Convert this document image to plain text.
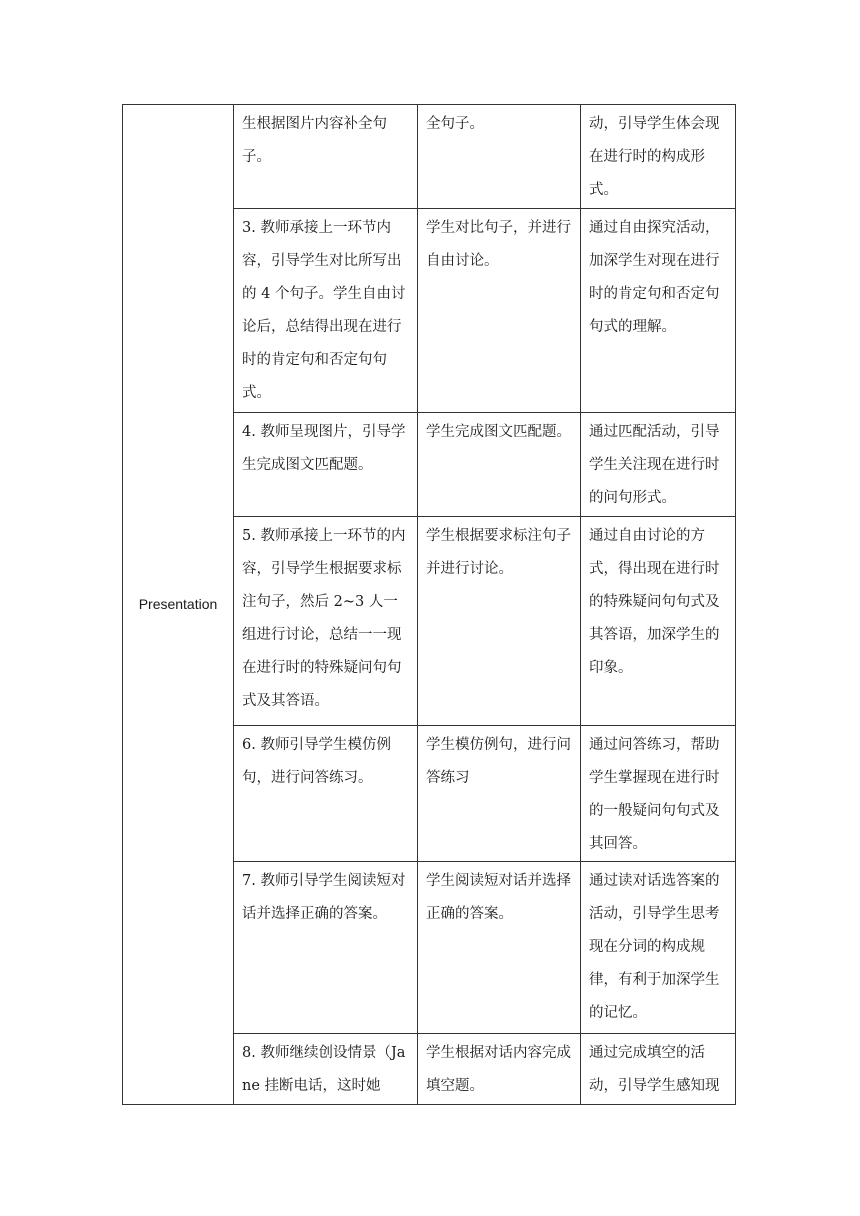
Presentation	生根据图片内容补全句子。	全句子。	动，引导学生体会现在进行时的构成形式。
	3. 教师承接上一环节内容，引导学生对比所写出的 4 个句子。学生自由讨论后，总结得出现在进行时的肯定句和否定句句式。	学生对比句子，并进行自由讨论。	通过自由探究活动，加深学生对现在进行时的肯定句和否定句句式的理解。
	4. 教师呈现图片，引导学生完成图文匹配题。	学生完成图文匹配题。	通过匹配活动，引导学生关注现在进行时的问句形式。
	5. 教师承接上一环节的内容，引导学生根据要求标注句子，然后 2~3 人一组进行讨论，总结一一现在进行时的特殊疑问句句式及其答语。	学生根据要求标注句子并进行讨论。	通过自由讨论的方式，得出现在进行时的特殊疑问句句式及其答语，加深学生的印象。
	6. 教师引导学生模仿例句，进行问答练习。	学生模仿例句，进行问答练习	通过问答练习，帮助学生掌握现在进行时的一般疑问句句式及其回答。
	7. 教师引导学生阅读短对话并选择正确的答案。	学生阅读短对话并选择正确的答案。	通过读对话选答案的活动，引导学生思考现在分词的构成规律，有利于加深学生的记忆。
	8. 教师继续创设情景（Jane 挂断电话，这时她	学生根据对话内容完成填空题。	通过完成填空的活动，引导学生感知现
